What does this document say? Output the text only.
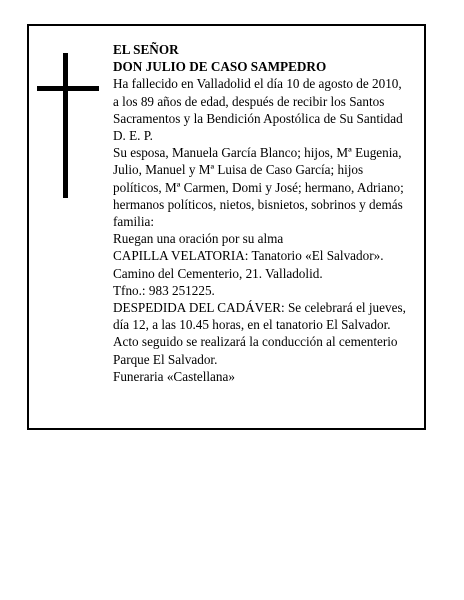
EL SEÑOR
DON JULIO DE CASO SAMPEDRO
Ha fallecido en Valladolid el día 10 de agosto de 2010,
a los 89 años de edad, después de recibir los Santos
Sacramentos y la Bendición Apostólica de Su Santidad
D. E. P.
Su esposa, Manuela García Blanco; hijos, Mª Eugenia,
Julio, Manuel y Mª Luisa de Caso García; hijos
políticos, Mª Carmen, Domi y José; hermano, Adriano;
hermanos políticos, nietos, bisnietos, sobrinos y demás
familia:
Ruegan una oración por su alma
CAPILLA VELATORIA: Tanatorio «El Salvador».
Camino del Cementerio, 21. Valladolid.
Tfno.: 983 251225.
DESPEDIDA DEL CADÁVER: Se celebrará el jueves,
día 12, a las 10.45 horas, en el tanatorio El Salvador.
Acto seguido se realizará la conducción al cementerio
Parque El Salvador.
Funeraria «Castellana»
